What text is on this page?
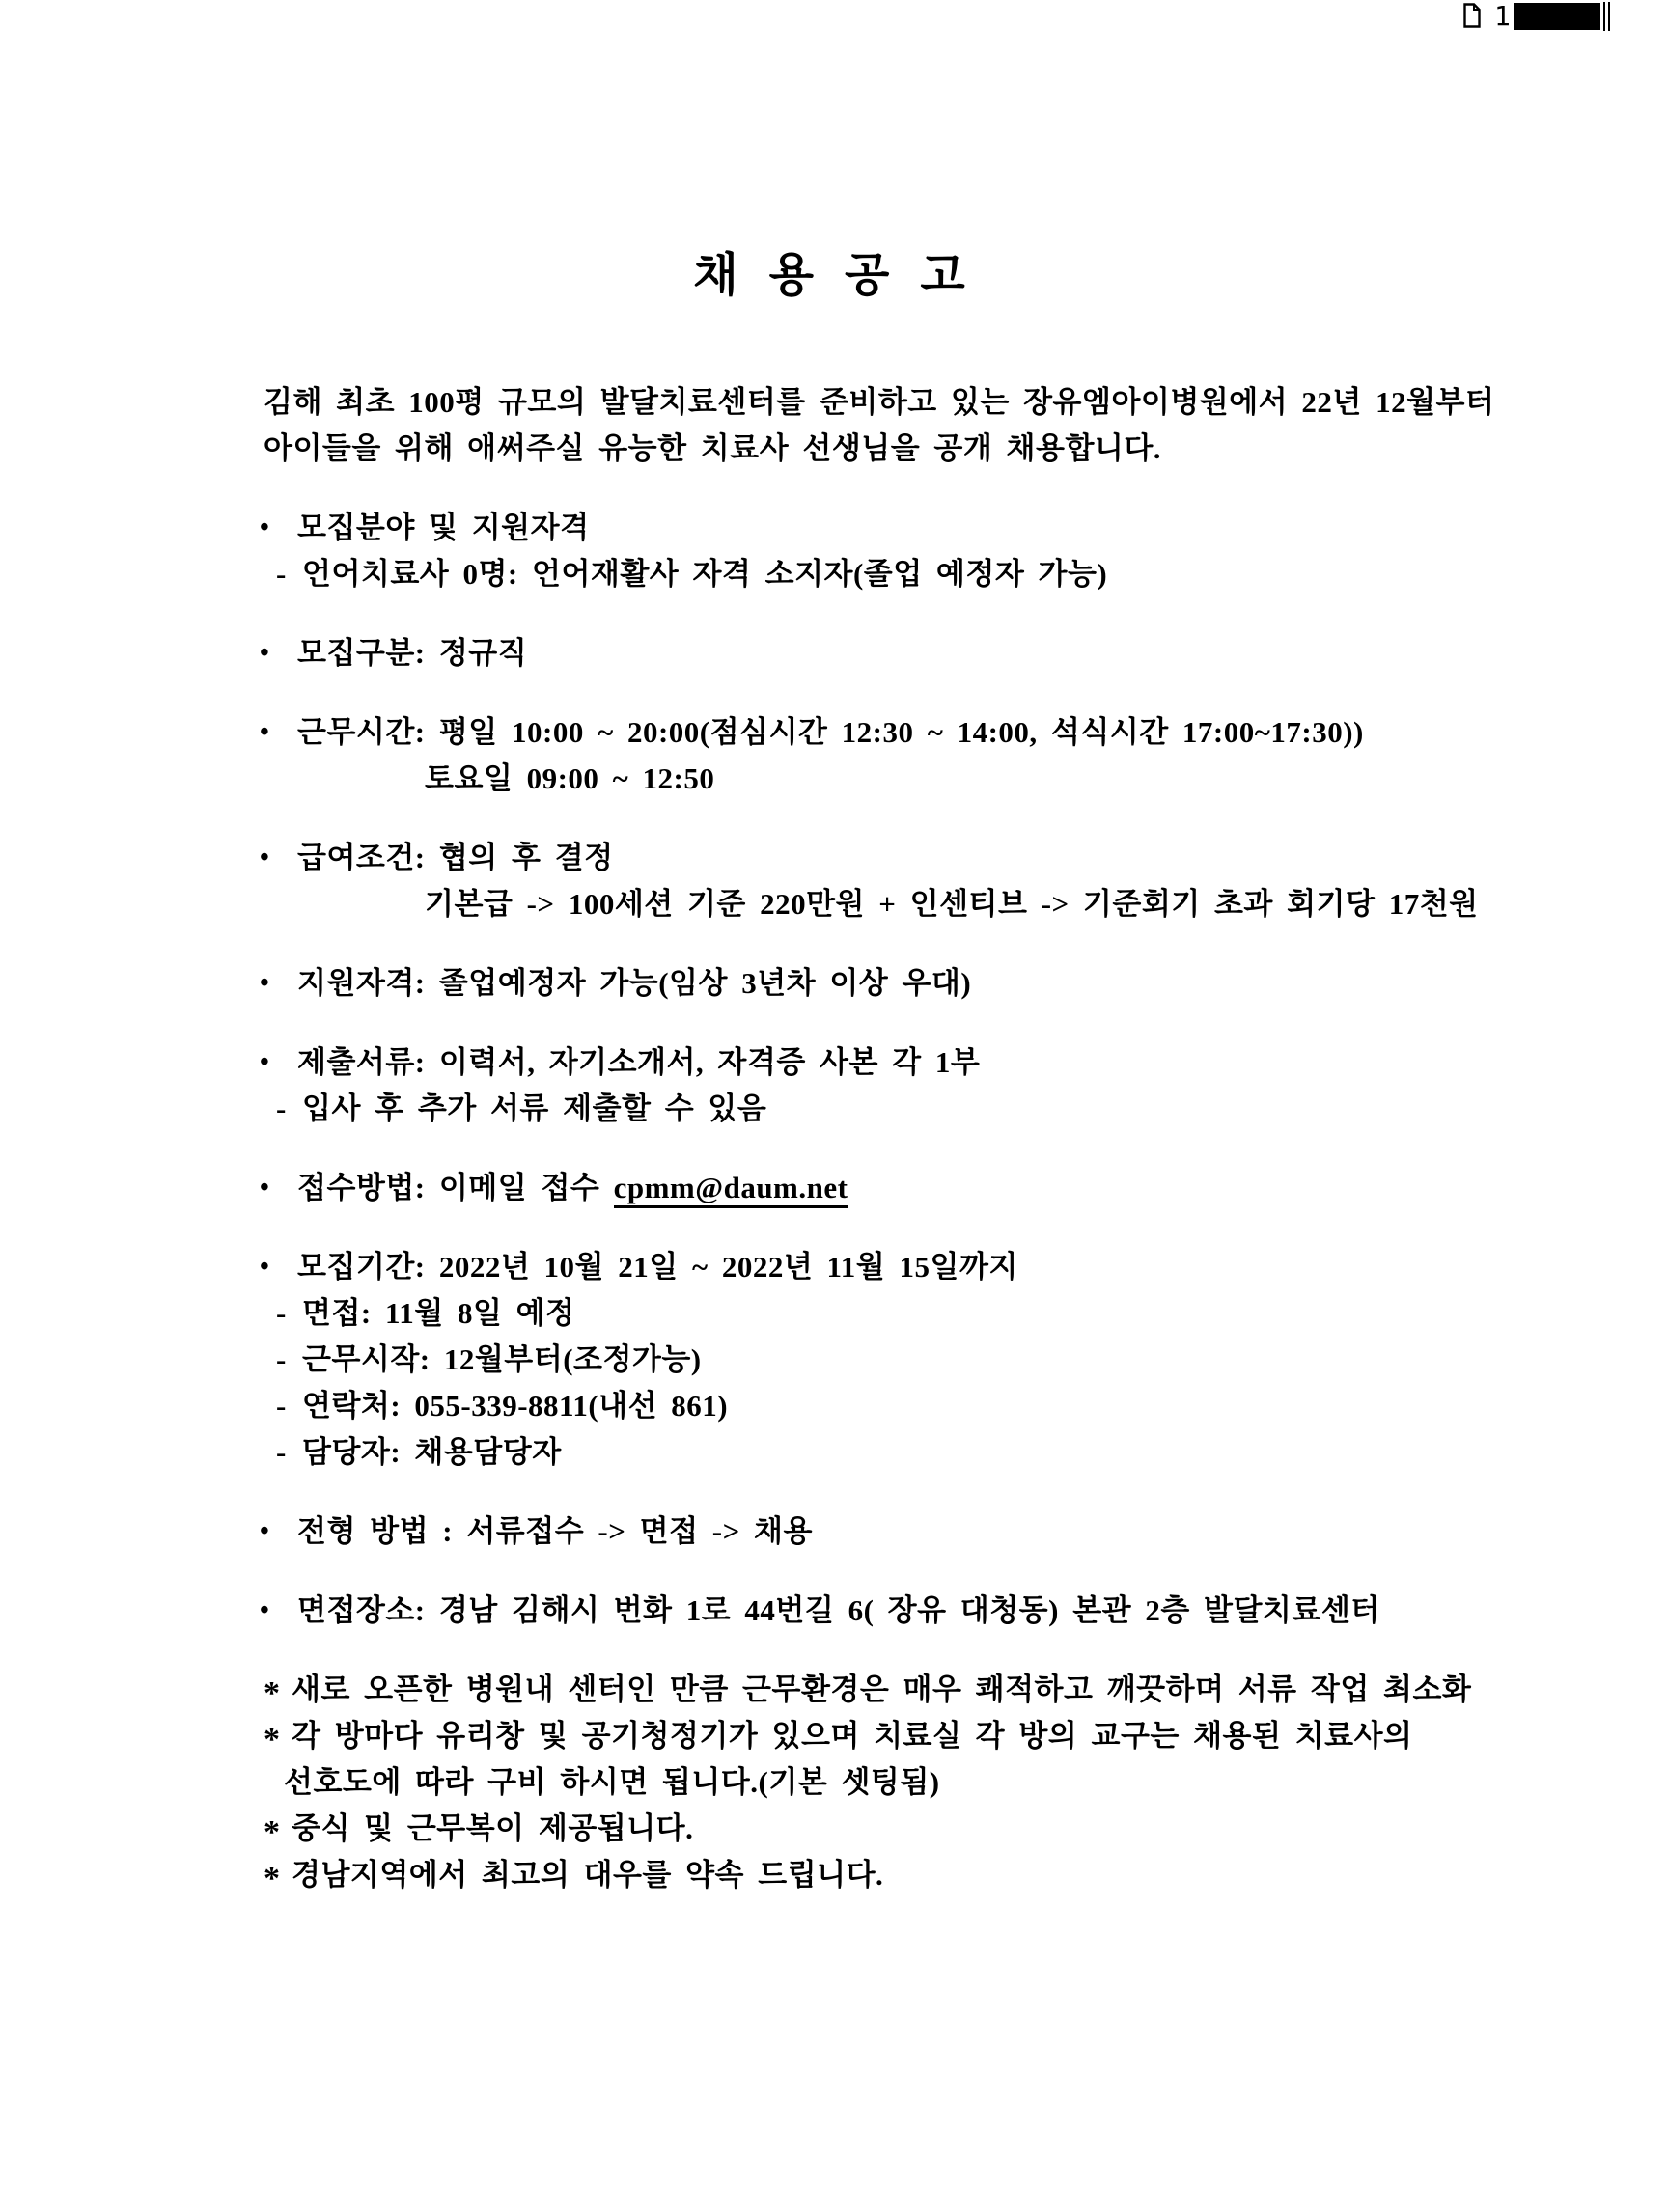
1
채 용 공 고
김해 최초 100평 규모의 발달치료센터를 준비하고 있는 장유엠아이병원에서 22년 12월부터
아이들을 위해 애써주실 유능한 치료사 선생님을 공개 채용합니다.
• 모집분야 및 지원자격
- 언어치료사 0명: 언어재활사 자격 소지자(졸업 예정자 가능)
• 모집구분: 정규직
• 근무시간: 평일 10:00 ~ 20:00(점심시간 12:30 ~ 14:00, 석식시간 17:00~17:30))
토요일 09:00 ~ 12:50
• 급여조건: 협의 후 결정
기본급 -> 100세션 기준 220만원 + 인센티브 -> 기준회기 초과 회기당 17천원
• 지원자격: 졸업예정자 가능(임상 3년차 이상 우대)
• 제출서류: 이력서, 자기소개서, 자격증 사본 각 1부
- 입사 후 추가 서류 제출할 수 있음
• 접수방법: 이메일 접수 cpmm@daum.net
• 모집기간: 2022년 10월 21일 ~ 2022년 11월 15일까지
- 면접: 11월 8일 예정
- 근무시작: 12월부터(조정가능)
- 연락처: 055-339-8811(내선 861)
- 담당자: 채용담당자
• 전형 방법 : 서류접수 -> 면접 -> 채용
• 면접장소: 경남 김해시 번화 1로 44번길 6( 장유 대청동) 본관 2층 발달치료센터
* 새로 오픈한 병원내 센터인 만큼 근무환경은 매우 쾌적하고 깨끗하며 서류 작업 최소화
* 각 방마다 유리창 및 공기청정기가 있으며 치료실 각 방의 교구는 채용된 치료사의
선호도에 따라 구비 하시면 됩니다.(기본 셋팅됨)
* 중식 및 근무복이 제공됩니다.
* 경남지역에서 최고의 대우를 약속 드립니다.
